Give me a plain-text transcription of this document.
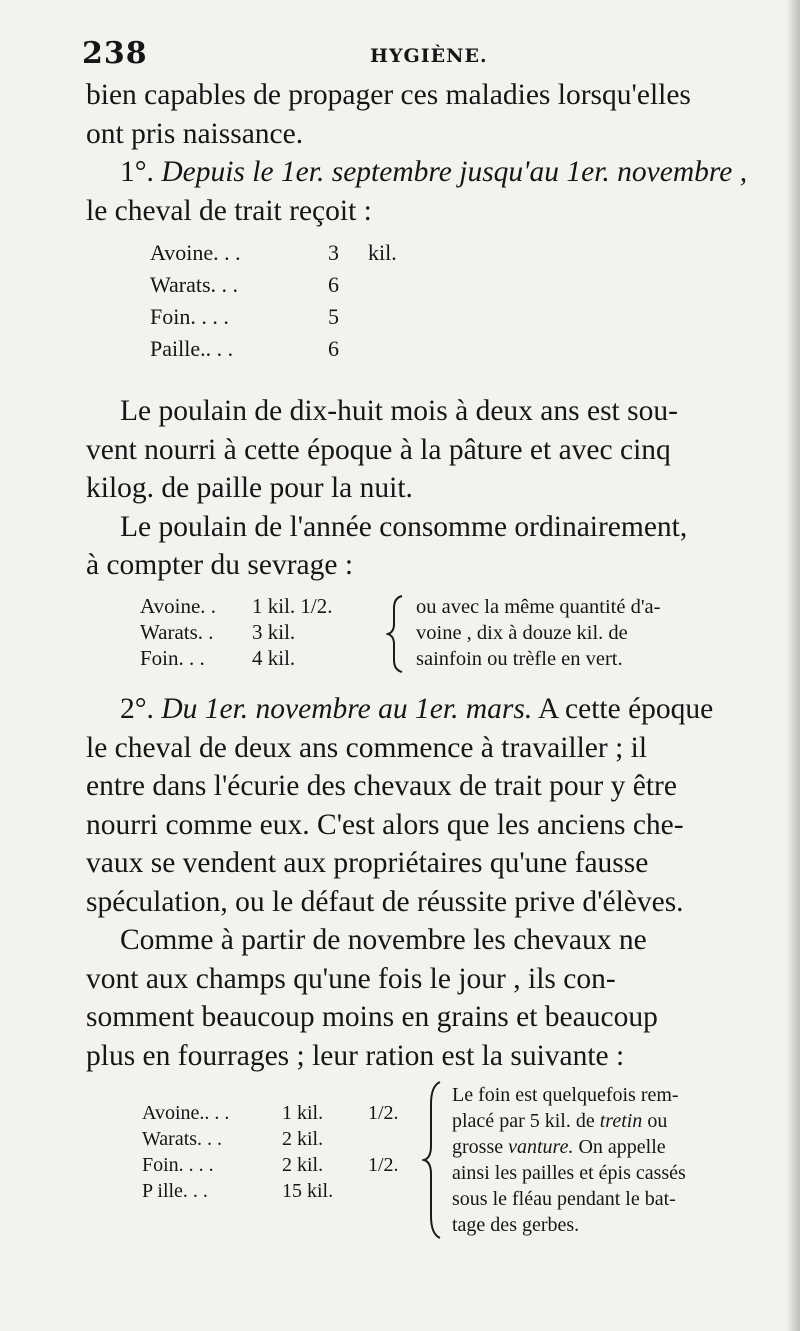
238	HYGIÈNE.
bien capables de propager ces maladies lorsqu'elles
ont pris naissance.
1°. Depuis le 1er. septembre jusqu'au 1er. novembre ,
le cheval de trait reçoit :
Avoine. . .	3 kil.
Warats. . .	6
Foin. . . .	5
Paille.. . .	6
Le poulain de dix-huit mois à deux ans est sou-
vent nourri à cette époque à la pâture et avec cinq
kilog. de paille pour la nuit.
Le poulain de l'année consomme ordinairement,
à compter du sevrage :
Avoine. . 1 kil. 1/2.
Warats. . 3 kil.
Foin. . . 4 kil.
ou avec la même quantité d'a-
voine , dix à douze kil. de
sainfoin ou trèfle en vert.
2°. Du 1er. novembre au 1er. mars. A cette époque
le cheval de deux ans commence à travailler ; il
entre dans l'écurie des chevaux de trait pour y être
nourri comme eux. C'est alors que les anciens che-
vaux se vendent aux propriétaires qu'une fausse
spéculation, ou le défaut de réussite prive d'élèves.
Comme à partir de novembre les chevaux ne
vont aux champs qu'une fois le jour , ils con-
somment beaucoup moins en grains et beaucoup
plus en fourrages ; leur ration est la suivante :
Avoine.. . .	1 kil. 1/2.
Warats. . .	2 kil.
Foin. . . .	2 kil. 1/2.
P ille. . .	15 kil.
Le foin est quelquefois rem-
placé par 5 kil. de tretin ou
grosse vanture. On appelle
ainsi les pailles et épis cassés
sous le fléau pendant le bat-
tage des gerbes.
